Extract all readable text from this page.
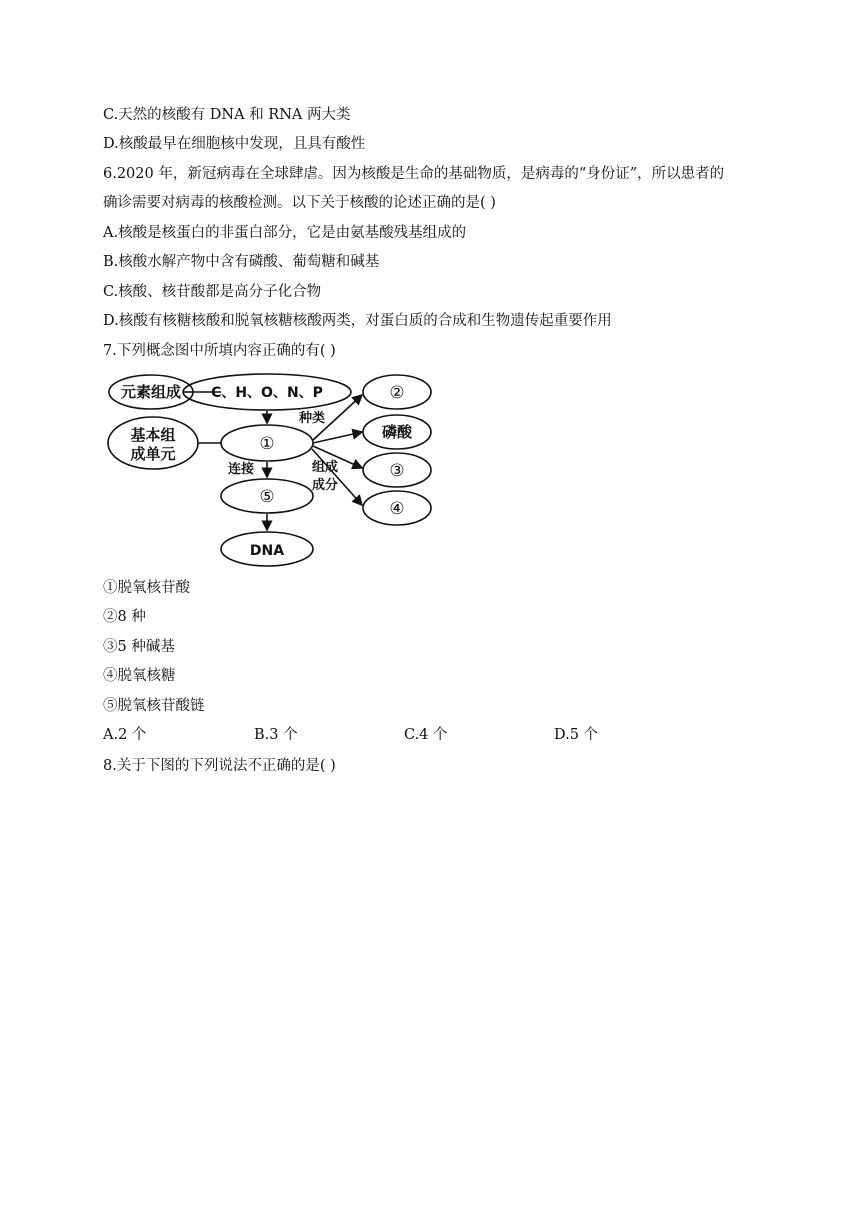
C.天然的核酸有 DNA 和 RNA 两大类
D.核酸最早在细胞核中发现，且具有酸性
6.2020 年，新冠病毒在全球肆虐。因为核酸是生命的基础物质，是病毒的“身份证”，所以患者的
确诊需要对病毒的核酸检测。以下关于核酸的论述正确的是( )
A.核酸是核蛋白的非蛋白部分，它是由氨基酸残基组成的
B.核酸水解产物中含有磷酸、葡萄糖和碱基
C.核酸、核苷酸都是高分子化合物
D.核酸有核糖核酸和脱氧核糖核酸两类，对蛋白质的合成和生物遗传起重要作用
7.下列概念图中所填内容正确的有( )
元素组成 C、H、O、N、P
基本组
成单元	①
⑤
DNA
②
磷酸
③
④
种类
连接	组成
成分
①脱氧核苷酸
②8 种
③5 种碱基
④脱氧核糖
⑤脱氧核苷酸链
A.2 个	B.3 个	C.4 个	D.5 个
8.关于下图的下列说法不正确的是( )
